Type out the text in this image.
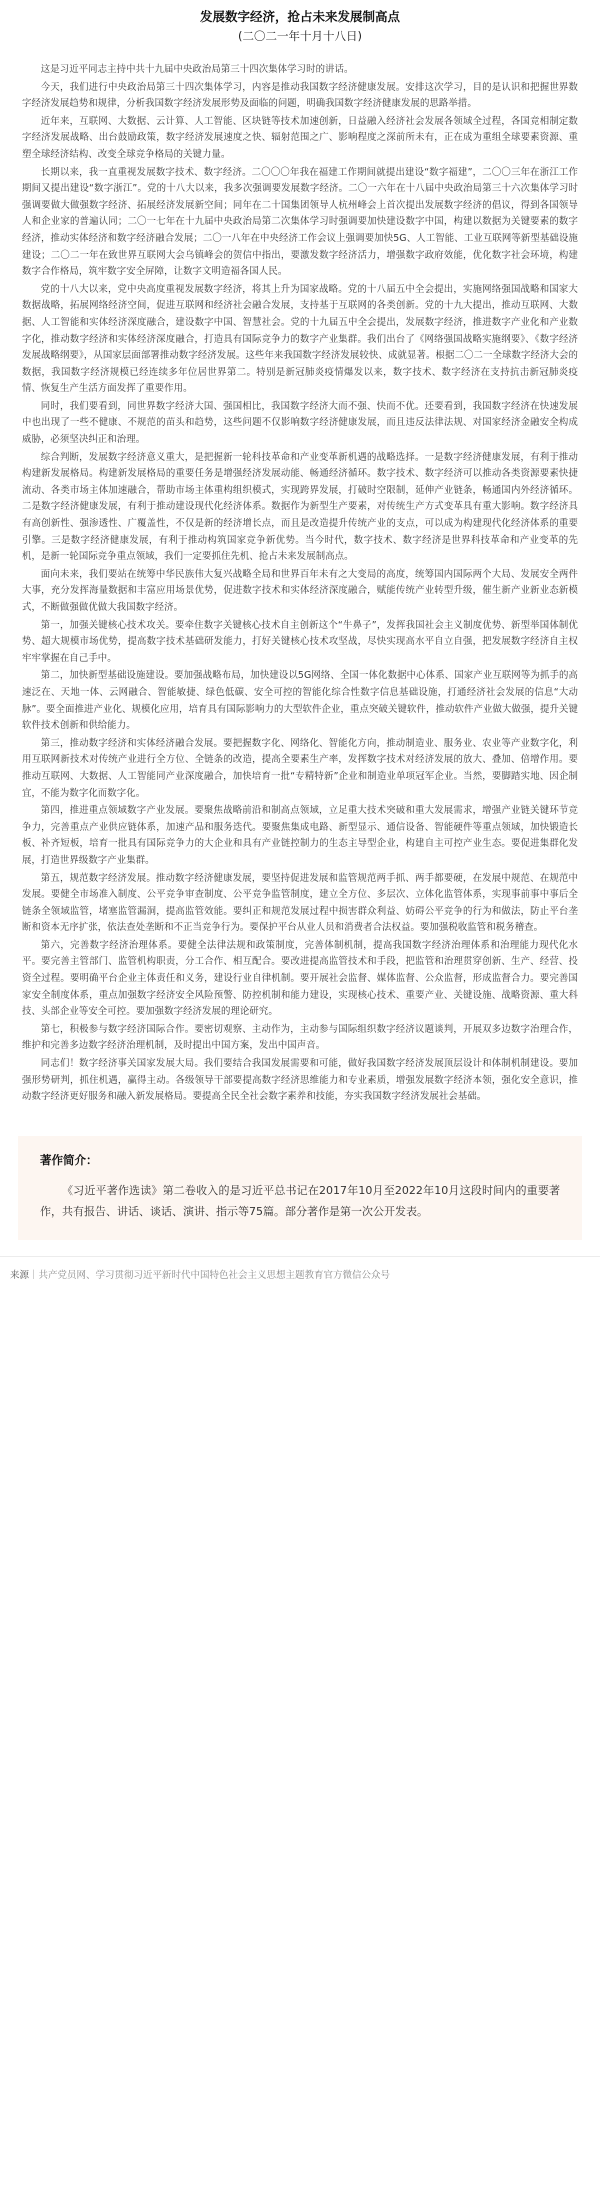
发展数字经济，抢占未来发展制高点
(二〇二一年十月十八日)

这是习近平同志主持中共十九届中央政治局第三十四次集体学习时的讲话。

今天，我们进行中央政治局第三十四次集体学习，内容是推动我国数字经济健康发展。安排这次学习，目的是认识和把握世界数字经济发展趋势和规律，分析我国数字经济发展形势及面临的问题，明确我国数字经济健康发展的思路举措。

近年来，互联网、大数据、云计算、人工智能、区块链等技术加速创新，日益融入经济社会发展各领域全过程，各国竞相制定数字经济发展战略、出台鼓励政策，数字经济发展速度之快、辐射范围之广、影响程度之深前所未有，正在成为重组全球要素资源、重塑全球经济结构、改变全球竞争格局的关键力量。

长期以来，我一直重视发展数字技术、数字经济。二〇〇〇年我在福建工作期间就提出建设“数字福建”，二〇〇三年在浙江工作期间又提出建设“数字浙江”。党的十八大以来，我多次强调要发展数字经济。二〇一六年在十八届中央政治局第三十六次集体学习时强调要做大做强数字经济、拓展经济发展新空间；同年在二十国集团领导人杭州峰会上首次提出发展数字经济的倡议，得到各国领导人和企业家的普遍认同；二〇一七年在十九届中央政治局第二次集体学习时强调要加快建设数字中国，构建以数据为关键要素的数字经济，推动实体经济和数字经济融合发展；二〇一八年在中央经济工作会议上强调要加快5G、人工智能、工业互联网等新型基础设施建设；二〇二一年在致世界互联网大会乌镇峰会的贺信中指出，要激发数字经济活力，增强数字政府效能，优化数字社会环境，构建数字合作格局，筑牢数字安全屏障，让数字文明造福各国人民。

党的十八大以来，党中央高度重视发展数字经济，将其上升为国家战略。党的十八届五中全会提出，实施网络强国战略和国家大数据战略，拓展网络经济空间，促进互联网和经济社会融合发展，支持基于互联网的各类创新。党的十九大提出，推动互联网、大数据、人工智能和实体经济深度融合，建设数字中国、智慧社会。党的十九届五中全会提出，发展数字经济，推进数字产业化和产业数字化，推动数字经济和实体经济深度融合，打造具有国际竞争力的数字产业集群。我们出台了《网络强国战略实施纲要》、《数字经济发展战略纲要》，从国家层面部署推动数字经济发展。这些年来我国数字经济发展较快、成就显著。根据二〇二一全球数字经济大会的数据，我国数字经济规模已经连续多年位居世界第二。特别是新冠肺炎疫情爆发以来，数字技术、数字经济在支持抗击新冠肺炎疫情、恢复生产生活方面发挥了重要作用。

同时，我们要看到，同世界数字经济大国、强国相比，我国数字经济大而不强、快而不优。还要看到，我国数字经济在快速发展中也出现了一些不健康、不规范的苗头和趋势，这些问题不仅影响数字经济健康发展，而且违反法律法规、对国家经济金融安全构成威胁，必须坚决纠正和治理。

综合判断，发展数字经济意义重大，是把握新一轮科技革命和产业变革新机遇的战略选择。一是数字经济健康发展，有利于推动构建新发展格局。构建新发展格局的重要任务是增强经济发展动能、畅通经济循环。数字技术、数字经济可以推动各类资源要素快捷流动、各类市场主体加速融合，帮助市场主体重构组织模式，实现跨界发展，打破时空限制，延伸产业链条，畅通国内外经济循环。二是数字经济健康发展，有利于推动建设现代化经济体系。数据作为新型生产要素，对传统生产方式变革具有重大影响。数字经济具有高创新性、强渗透性、广覆盖性，不仅是新的经济增长点，而且是改造提升传统产业的支点，可以成为构建现代化经济体系的重要引擎。三是数字经济健康发展，有利于推动构筑国家竞争新优势。当今时代，数字技术、数字经济是世界科技革命和产业变革的先机，是新一轮国际竞争重点领域，我们一定要抓住先机、抢占未来发展制高点。

面向未来，我们要站在统筹中华民族伟大复兴战略全局和世界百年未有之大变局的高度，统筹国内国际两个大局、发展安全两件大事，充分发挥海量数据和丰富应用场景优势，促进数字技术和实体经济深度融合，赋能传统产业转型升级，催生新产业新业态新模式，不断做强做优做大我国数字经济。

第一，加强关键核心技术攻关。要牵住数字关键核心技术自主创新这个“牛鼻子”，发挥我国社会主义制度优势、新型举国体制优势、超大规模市场优势，提高数字技术基础研发能力，打好关键核心技术攻坚战，尽快实现高水平自立自强，把发展数字经济自主权牢牢掌握在自己手中。

第二，加快新型基础设施建设。要加强战略布局，加快建设以5G网络、全国一体化数据中心体系、国家产业互联网等为抓手的高速泛在、天地一体、云网融合、智能敏捷、绿色低碳、安全可控的智能化综合性数字信息基础设施，打通经济社会发展的信息“大动脉”。要全面推进产业化、规模化应用，培育具有国际影响力的大型软件企业，重点突破关键软件，推动软件产业做大做强，提升关键软件技术创新和供给能力。

第三，推动数字经济和实体经济融合发展。要把握数字化、网络化、智能化方向，推动制造业、服务业、农业等产业数字化，利用互联网新技术对传统产业进行全方位、全链条的改造，提高全要素生产率，发挥数字技术对经济发展的放大、叠加、倍增作用。要推动互联网、大数据、人工智能同产业深度融合，加快培育一批“专精特新”企业和制造业单项冠军企业。当然，要脚踏实地、因企制宜，不能为数字化而数字化。

第四，推进重点领域数字产业发展。要聚焦战略前沿和制高点领域，立足重大技术突破和重大发展需求，增强产业链关键环节竞争力，完善重点产业供应链体系，加速产品和服务迭代。要聚焦集成电路、新型显示、通信设备、智能硬件等重点领域，加快锻造长板、补齐短板，培育一批具有国际竞争力的大企业和具有产业链控制力的生态主导型企业，构建自主可控产业生态。要促进集群化发展，打造世界级数字产业集群。

第五，规范数字经济发展。推动数字经济健康发展，要坚持促进发展和监管规范两手抓、两手都要硬，在发展中规范、在规范中发展。要健全市场准入制度、公平竞争审查制度、公平竞争监管制度，建立全方位、多层次、立体化监管体系，实现事前事中事后全链条全领域监管，堵塞监管漏洞，提高监管效能。要纠正和规范发展过程中损害群众利益、妨碍公平竞争的行为和做法，防止平台垄断和资本无序扩张，依法查处垄断和不正当竞争行为。要保护平台从业人员和消费者合法权益。要加强税收监管和税务稽查。

第六，完善数字经济治理体系。要健全法律法规和政策制度，完善体制机制，提高我国数字经济治理体系和治理能力现代化水平。要完善主管部门、监管机构职责，分工合作、相互配合。要改进提高监管技术和手段，把监管和治理贯穿创新、生产、经营、投资全过程。要明确平台企业主体责任和义务，建设行业自律机制。要开展社会监督、媒体监督、公众监督，形成监督合力。要完善国家安全制度体系，重点加强数字经济安全风险预警、防控机制和能力建设，实现核心技术、重要产业、关键设施、战略资源、重大科技、头部企业等安全可控。要加强数字经济发展的理论研究。

第七，积极参与数字经济国际合作。要密切观察、主动作为，主动参与国际组织数字经济议题谈判，开展双多边数字治理合作，维护和完善多边数字经济治理机制，及时提出中国方案，发出中国声音。

同志们！数字经济事关国家发展大局。我们要结合我国发展需要和可能，做好我国数字经济发展顶层设计和体制机制建设。要加强形势研判，抓住机遇，赢得主动。各级领导干部要提高数字经济思维能力和专业素质，增强发展数字经济本领，强化安全意识，推动数字经济更好服务和融入新发展格局。要提高全民全社会数字素养和技能，夯实我国数字经济发展社会基础。

著作简介：

《习近平著作选读》第二卷收入的是习近平总书记在2017年10月至2022年10月这段时间内的重要著作，共有报告、讲话、谈话、演讲、指示等75篇。部分著作是第一次公开发表。

来源｜共产党员网、学习贯彻习近平新时代中国特色社会主义思想主题教育官方微信公众号
